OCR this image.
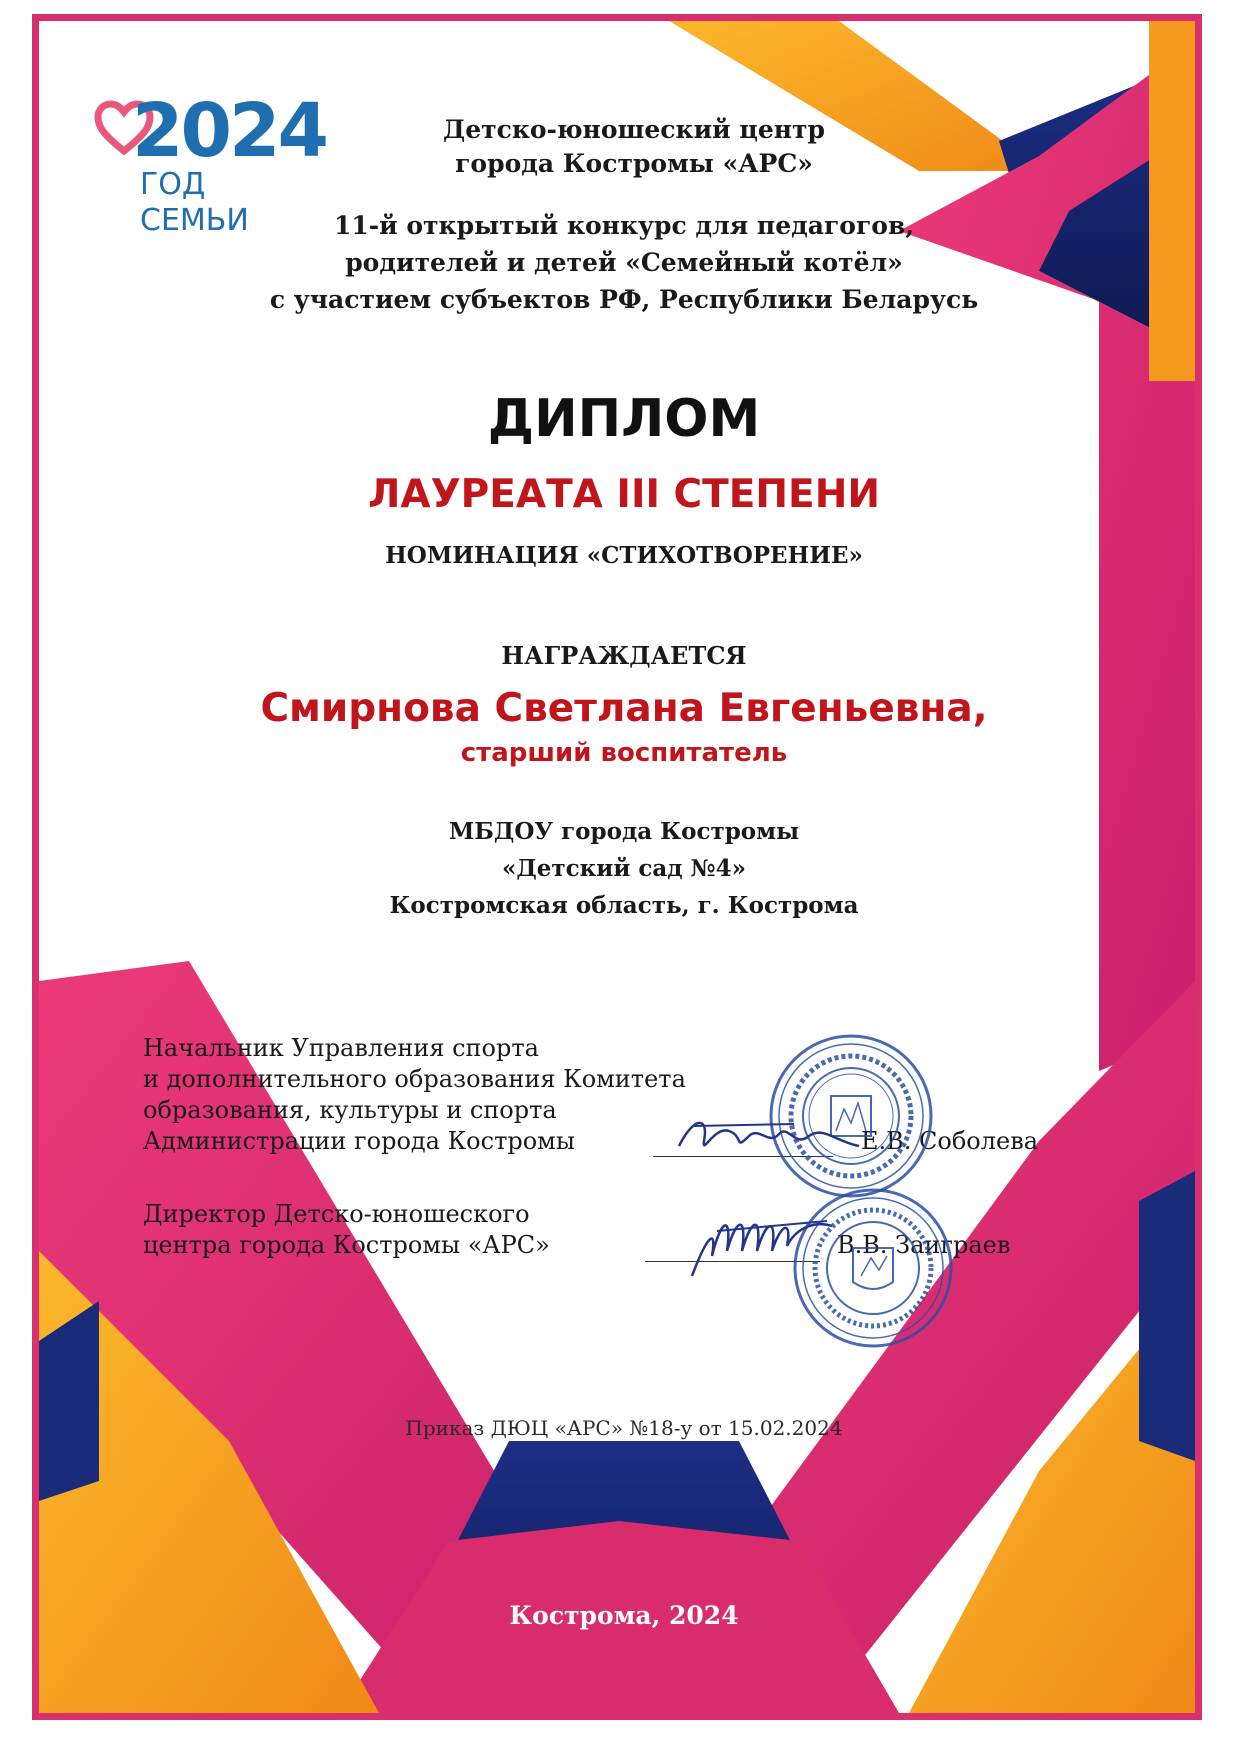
2024
ГОД СЕМЬИ
Детско-юношеский центр
города Костромы «АРС»
11-й открытый конкурс для педагогов,
родителей и детей «Семейный котёл»
с участием субъектов РФ, Республики Беларусь
ДИПЛОМ
ЛАУРЕАТА III СТЕПЕНИ
НОМИНАЦИЯ «СТИХОТВОРЕНИЕ»
НАГРАЖДАЕТСЯ
Смирнова Светлана Евгеньевна,
старший воспитатель
МБДОУ города Костромы
«Детский сад №4»
Костромская область, г. Кострома
Начальник Управления спорта
и дополнительного образования Комитета
образования, культуры и спорта
Администрации города Костромы	Е.В. Соболева
Директор Детско-юношеского
центра города Костромы «АРС»	В.В. Заиграев
Приказ ДЮЦ «АРС» №18-у от 15.02.2024
Кострома, 2024
